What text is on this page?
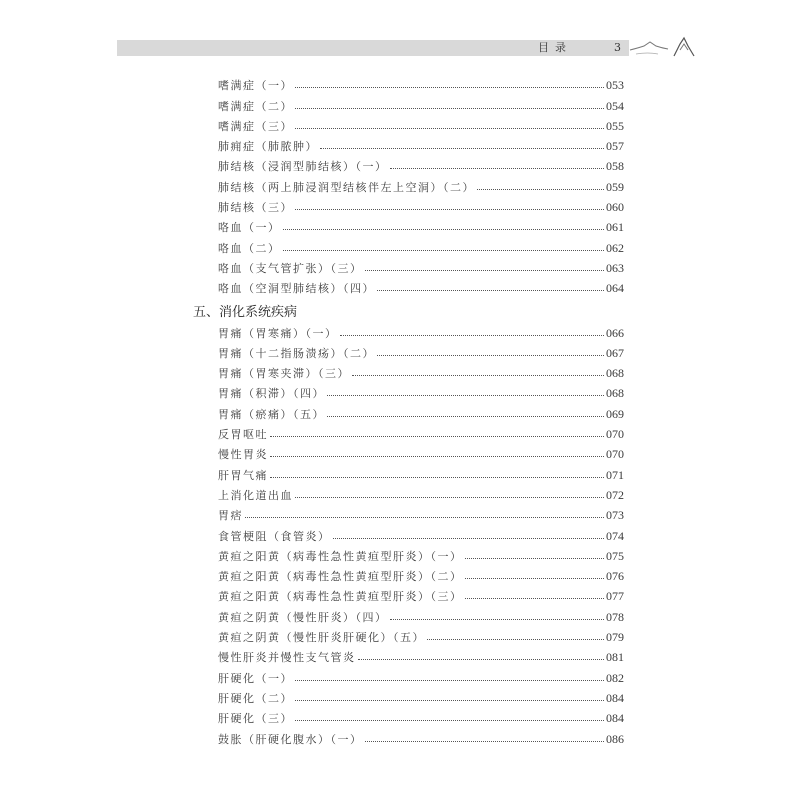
目录	3
嗜满症（一）	053
嗜满症（二）	054
嗜满症（三）	055
肺痈症（肺脓肿）	057
肺结核（浸润型肺结核）（一）	058
肺结核（两上肺浸润型结核伴左上空洞）（二）	059
肺结核（三）	060
咯血（一）	061
咯血（二）	062
咯血（支气管扩张）（三）	063
咯血（空洞型肺结核）（四）	064
五、消化系统疾病
胃痛（胃寒痛）（一）	066
胃痛（十二指肠溃疡）（二）	067
胃痛（胃寒夹滞）（三）	068
胃痛（积滞）（四）	068
胃痛（瘀痛）（五）	069
反胃呕吐	070
慢性胃炎	070
肝胃气痛	071
上消化道出血	072
胃痞	073
食管梗阻（食管炎）	074
黄疸之阳黄（病毒性急性黄疸型肝炎）（一）	075
黄疸之阳黄（病毒性急性黄疸型肝炎）（二）	076
黄疸之阳黄（病毒性急性黄疸型肝炎）（三）	077
黄疸之阴黄（慢性肝炎）（四）	078
黄疸之阴黄（慢性肝炎肝硬化）（五）	079
慢性肝炎并慢性支气管炎	081
肝硬化（一）	082
肝硬化（二）	084
肝硬化（三）	084
鼓胀（肝硬化腹水）（一）	086
